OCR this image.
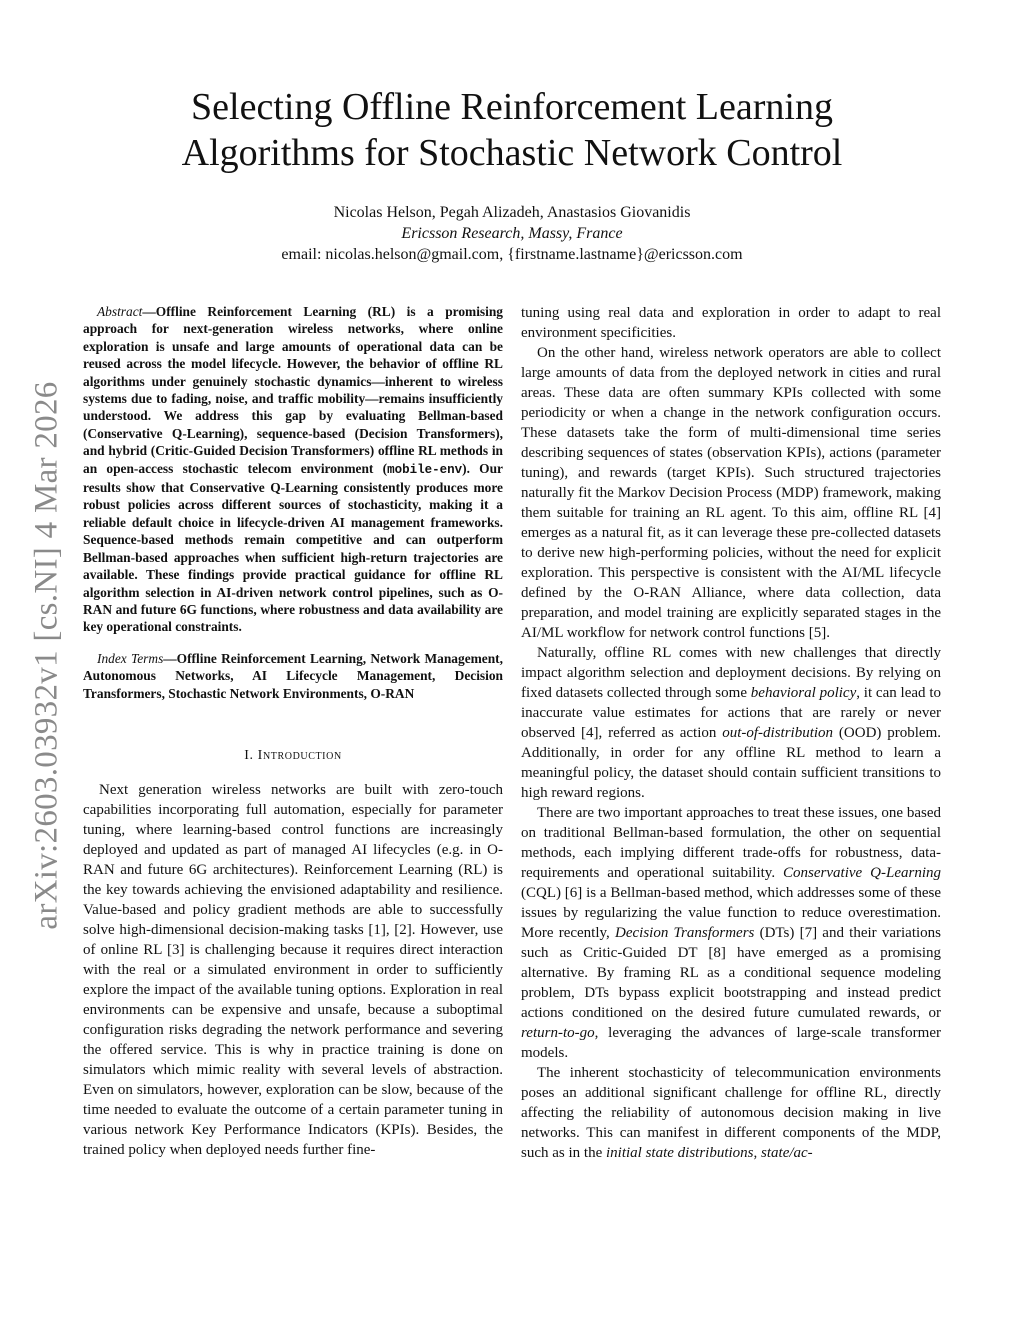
arXiv:2603.03932v1 [cs.NI] 4 Mar 2026
Selecting Offline Reinforcement Learning Algorithms for Stochastic Network Control
Nicolas Helson, Pegah Alizadeh, Anastasios Giovanidis
Ericsson Research, Massy, France
email: nicolas.helson@gmail.com, {firstname.lastname}@ericsson.com

Abstract—Offline Reinforcement Learning (RL) is a promising approach for next-generation wireless networks, where online exploration is unsafe and large amounts of operational data can be reused across the model lifecycle. However, the behavior of offline RL algorithms under genuinely stochastic dynamics—inherent to wireless systems due to fading, noise, and traffic mobility—remains insufficiently understood. We address this gap by evaluating Bellman-based (Conservative Q-Learning), sequence-based (Decision Transformers), and hybrid (Critic-Guided Decision Transformers) offline RL methods in an open-access stochastic telecom environment (mobile-env). Our results show that Conservative Q-Learning consistently produces more robust policies across different sources of stochasticity, making it a reliable default choice in lifecycle-driven AI management frameworks. Sequence-based methods remain competitive and can outperform Bellman-based approaches when sufficient high-return trajectories are available. These findings provide practical guidance for offline RL algorithm selection in AI-driven network control pipelines, such as O-RAN and future 6G functions, where robustness and data availability are key operational constraints.

Index Terms—Offline Reinforcement Learning, Network Management, Autonomous Networks, AI Lifecycle Management, Decision Transformers, Stochastic Network Environments, O-RAN

I. Introduction

Next generation wireless networks are built with zero-touch capabilities incorporating full automation, especially for parameter tuning, where learning-based control functions are increasingly deployed and updated as part of managed AI lifecycles (e.g. in O-RAN and future 6G architectures). Reinforcement Learning (RL) is the key towards achieving the envisioned adaptability and resilience. Value-based and policy gradient methods are able to successfully solve high-dimensional decision-making tasks [1], [2]. However, use of online RL [3] is challenging because it requires direct interaction with the real or a simulated environment in order to sufficiently explore the impact of the available tuning options. Exploration in real environments can be expensive and unsafe, because a suboptimal configuration risks degrading the network performance and severing the offered service. This is why in practice training is done on simulators which mimic reality with several levels of abstraction. Even on simulators, however, exploration can be slow, because of the time needed to evaluate the outcome of a certain parameter tuning in various network Key Performance Indicators (KPIs). Besides, the trained policy when deployed needs further fine-

tuning using real data and exploration in order to adapt to real environment specificities.

On the other hand, wireless network operators are able to collect large amounts of data from the deployed network in cities and rural areas. These data are often summary KPIs collected with some periodicity or when a change in the network configuration occurs. These datasets take the form of multi-dimensional time series describing sequences of states (observation KPIs), actions (parameter tuning), and rewards (target KPIs). Such structured trajectories naturally fit the Markov Decision Process (MDP) framework, making them suitable for training an RL agent. To this aim, offline RL [4] emerges as a natural fit, as it can leverage these pre-collected datasets to derive new high-performing policies, without the need for explicit exploration. This perspective is consistent with the AI/ML lifecycle defined by the O-RAN Alliance, where data collection, data preparation, and model training are explicitly separated stages in the AI/ML workflow for network control functions [5].

Naturally, offline RL comes with new challenges that directly impact algorithm selection and deployment decisions. By relying on fixed datasets collected through some behavioral policy, it can lead to inaccurate value estimates for actions that are rarely or never observed [4], referred as action out-of-distribution (OOD) problem. Additionally, in order for any offline RL method to learn a meaningful policy, the dataset should contain sufficient transitions to high reward regions.

There are two important approaches to treat these issues, one based on traditional Bellman-based formulation, the other on sequential methods, each implying different trade-offs for robustness, data-requirements and operational suitability. Conservative Q-Learning (CQL) [6] is a Bellman-based method, which addresses some of these issues by regularizing the value function to reduce overestimation. More recently, Decision Transformers (DTs) [7] and their variations such as Critic-Guided DT [8] have emerged as a promising alternative. By framing RL as a conditional sequence modeling problem, DTs bypass explicit bootstrapping and instead predict actions conditioned on the desired future cumulated rewards, or return-to-go, leveraging the advances of large-scale transformer models.

The inherent stochasticity of telecommunication environments poses an additional significant challenge for offline RL, directly affecting the reliability of autonomous decision making in live networks. This can manifest in different components of the MDP, such as in the initial state distributions, state/ac-
